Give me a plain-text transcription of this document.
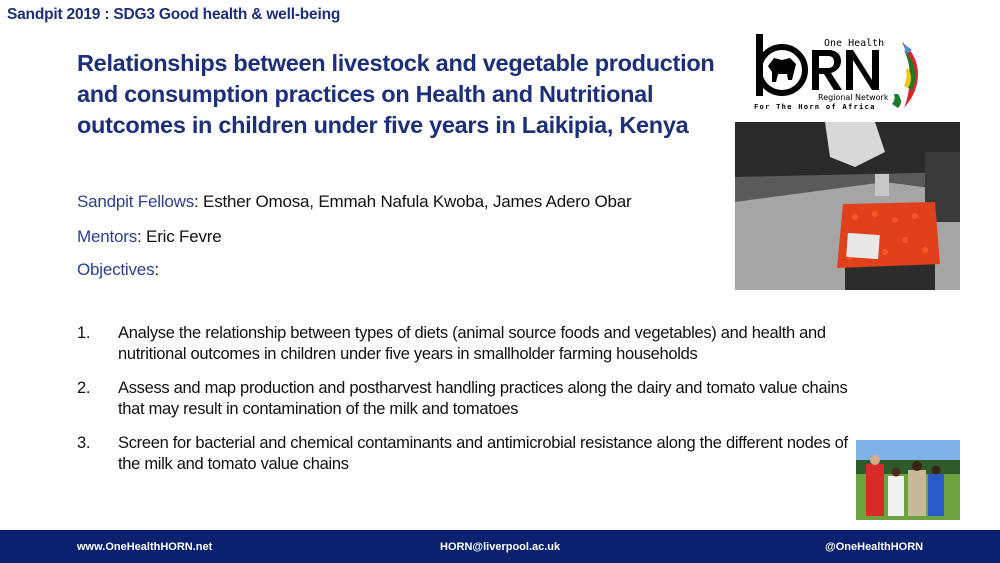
Sandpit 2019 : SDG3 Good health & well-being
Relationships between livestock and vegetable production and consumption practices on Health and Nutritional outcomes in children under five years in Laikipia, Kenya
Sandpit Fellows: Esther Omosa, Emmah Nafula Kwoba, James Adero Obar
Mentors: Eric Fevre
Objectives:
1.	Analyse the relationship between types of diets (animal source foods and vegetables) and health and nutritional outcomes in children under five years in smallholder farming households
2.	Assess and map production and postharvest handling practices along the dairy and tomato value chains that may result in contamination of the milk and tomatoes
3.	Screen for bacterial and chemical contaminants and antimicrobial resistance along the different nodes of the milk and tomato value chains
One Health
Regional Network
For The Horn of Africa
www.OneHealthHORN.net	HORN@liverpool.ac.uk	@OneHealthHORN
